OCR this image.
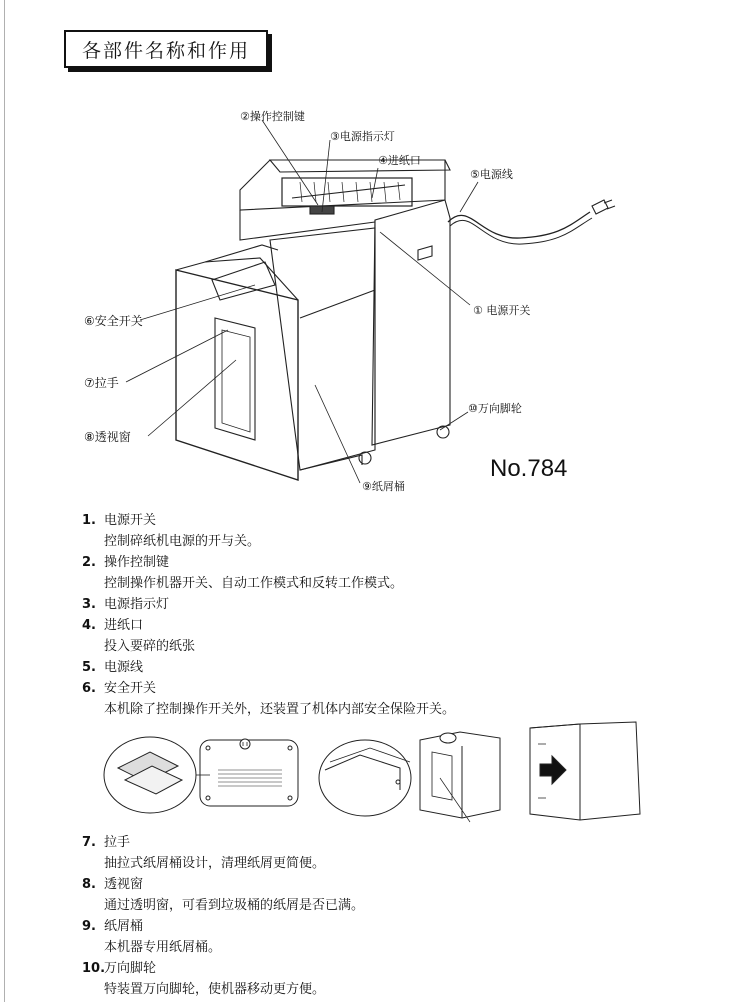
各部件名称和作用
②操作控制键
③电源指示灯
④进纸口
⑤电源线
① 电源开关
⑥安全开关
⑦拉手
⑧透视窗
⑨纸屑桶
⑩万向脚轮
No.784
1. 电源开关
控制碎纸机电源的开与关。
2. 操作控制键
控制操作机器开关、自动工作模式和反转工作模式。
3. 电源指示灯
4. 进纸口
投入要碎的纸张
5. 电源线
6. 安全开关
本机除了控制操作开关外，还装置了机体内部安全保险开关。
7. 拉手
抽拉式纸屑桶设计，清理纸屑更简便。
8. 透视窗
通过透明窗，可看到垃圾桶的纸屑是否已满。
9. 纸屑桶
本机器专用纸屑桶。
10.万向脚轮
特装置万向脚轮，使机器移动更方便。
